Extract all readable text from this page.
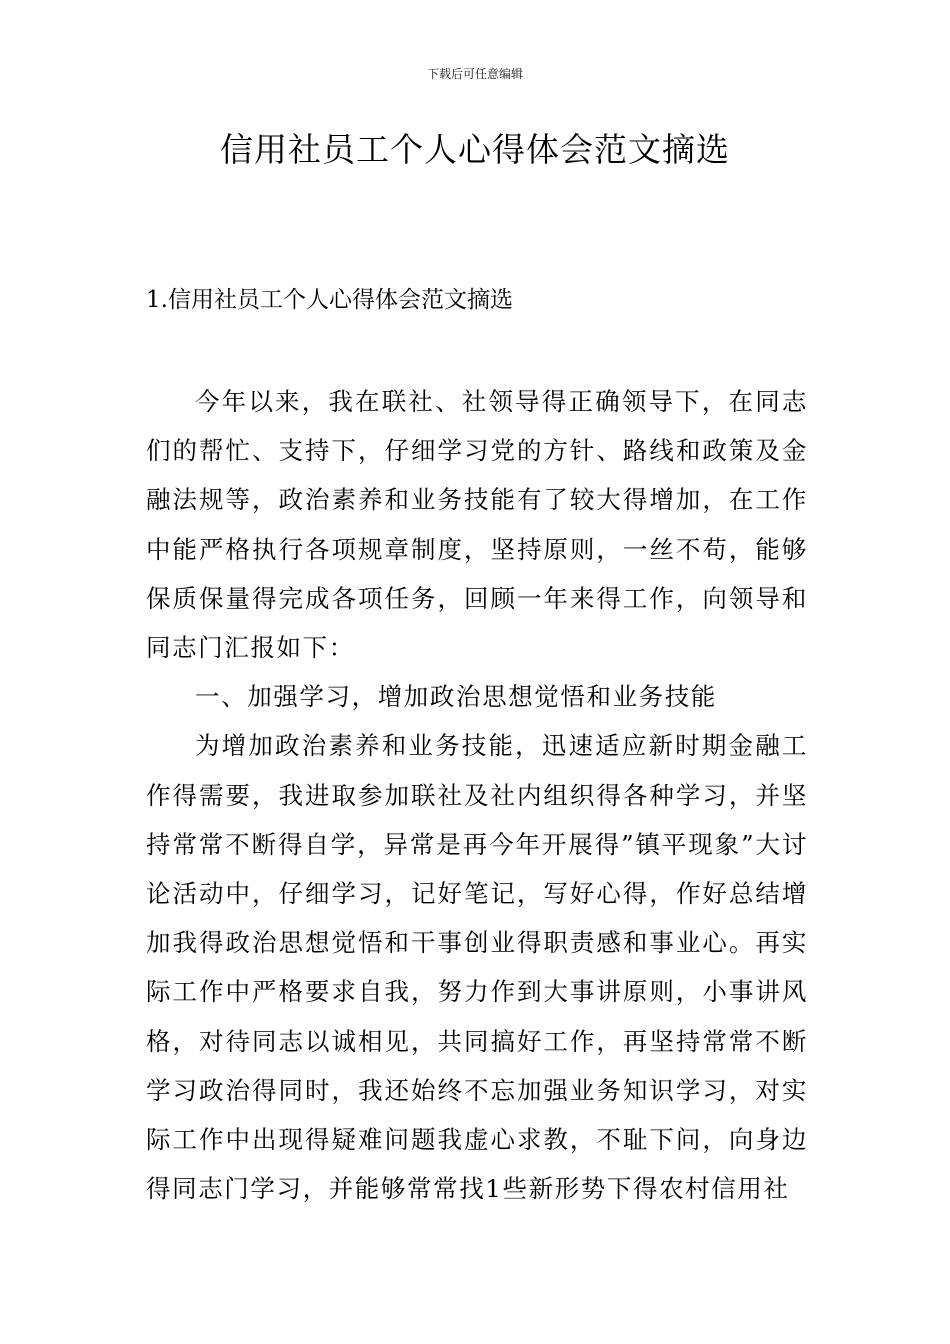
下载后可任意编辑
信用社员工个人心得体会范文摘选
1.信用社员工个人心得体会范文摘选

今年以来，我在联社、社领导得正确领导下，在同志们的帮忙、支持下，仔细学习党的方针、路线和政策及金融法规等，政治素养和业务技能有了较大得增加，在工作中能严格执行各项规章制度，坚持原则，一丝不苟，能够保质保量得完成各项任务，回顾一年来得工作，向领导和同志门汇报如下：

一、加强学习，增加政治思想觉悟和业务技能

为增加政治素养和业务技能，迅速适应新时期金融工作得需要，我进取参加联社及社内组织得各种学习，并坚持常常不断得自学，异常是再今年开展得”镇平现象”大讨论活动中，仔细学习，记好笔记，写好心得，作好总结增加我得政治思想觉悟和干事创业得职责感和事业心。再实际工作中严格要求自我，努力作到大事讲原则，小事讲风格，对待同志以诚相见，共同搞好工作，再坚持常常不断学习政治得同时，我还始终不忘加强业务知识学习，对实际工作中出现得疑难问题我虚心求教，不耻下问，向身边得同志门学习，并能够常常找1些新形势下得农村信用社
